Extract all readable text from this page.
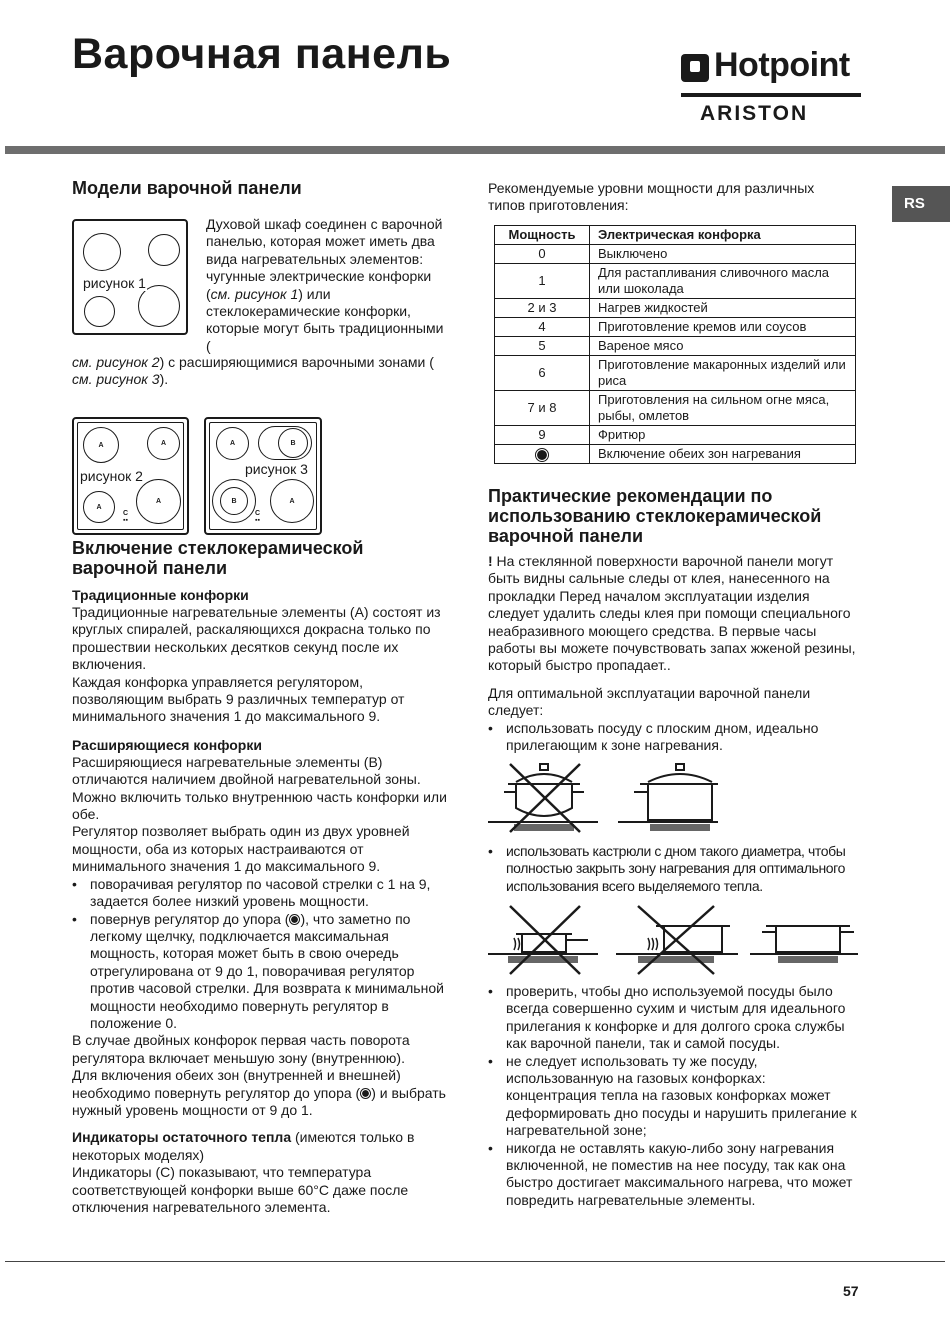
Варочная панель	Hotpoint
ARISTON
RS
Модели варочной панели
рисунок 1

Духовой шкаф соединен с варочной панелью, которая может иметь два вида нагревательных элементов: чугунные электрические конфорки (см. рисунок 1) или стеклокерамические конфорки, которые могут быть традиционными (

см. рисунок 2) с расширяющимися варочными зонами ( см. рисунок 3).

A	A
A
A
рисунок 2
C
▪▪
A	B
B	A
рисунок 3
C
▪▪
Включение стеклокерамической варочной панели
Традиционные конфорки

Традиционные нагревательные элементы (А) состоят из круглых спиралей, раскаляющихся докрасна только по прошествии нескольких десятков секунд после их включения.

Каждая конфорка управляется регулятором, позволяющим выбрать 9 различных температур от минимального значения 1 до максимального 9.

Расширяющиеся конфорки

Расширяющиеся нагревательные элементы (В) отличаются наличием двойной нагревательной зоны. Можно включить только внутреннюю часть конфорки или обе.

Регулятор позволяет выбрать один из двух уровней мощности, оба из которых настраиваются от минимального значения 1 до максимального 9.

• поворачивая регулятор по часовой стрелки с 1 на 9, задается более низкий уровень мощности.
• повернув регулятор до упора ( ), что заметно по легкому щелчку, подключается максимальная мощность, которая может быть в свою очередь отрегулирована от 9 до 1, поворачивая регулятор против часовой стрелки. Для возврата к минимальной мощности необходимо повернуть регулятор в положение 0.

В случае двойных конфорок первая часть поворота регулятора включает меньшую зону (внутреннюю).

Для включения обеих зон (внутренней и внешней) необходимо повернуть регулятор до упора ( ) и выбрать нужный уровень мощности от 9 до 1.

Индикаторы остаточного тепла (имеются только в некоторых моделях)

Индикаторы (С) показывают, что температура соответствующей конфорки выше 60°С даже после отключения нагревательного элемента.

Рекомендуемые уровни мощности для различных типов приготовления:

Мощность	Электрическая конфорка
0	Выключено
1	Для растапливания сливочного масла или шоколада
2 и 3	Нагрев жидкостей
4	Приготовление кремов или соусов
5	Вареное мясо
6	Приготовление макаронных изделий или риса
7 и 8	Приготовления на сильном огне мяса, рыбы, омлетов
9	Фритюр
	Включение обеих зон нагревания
Практические рекомендации по использованию стеклокерамической варочной панели

! На стеклянной поверхности варочной панели могут быть видны сальные следы от клея, нанесенного на прокладки Перед началом эксплуатации изделия следует удалить следы клея при помощи специального неабразивного моющего средства. В первые часы работы вы можете почувствовать запах жженой резины, который быстро пропадает..

Для оптимальной эксплуатации варочной панели следует:

• использовать посуду с плоским дном, идеально прилегающим к зоне нагревания.
• использовать кастрюли с дном такого диаметра, чтобы полностью закрыть зону нагревания для оптимального использования всего выделяемого тепла.
• проверить, чтобы дно используемой посуды было всегда совершенно сухим и чистым для идеального прилегания к конфорке и для долгого срока службы как варочной панели, так и самой посуды.
• не следует использовать ту же посуду, использованную на газовых конфорках: концентрация тепла на газовых конфорках может деформировать дно посуды и нарушить прилегание к нагревательной зоне;
• никогда не оставлять какую-либо зону нагревания включенной, не поместив на нее посуду, так как она быстро достигает максимального нагрева, что может повредить нагревательные элементы.
57
